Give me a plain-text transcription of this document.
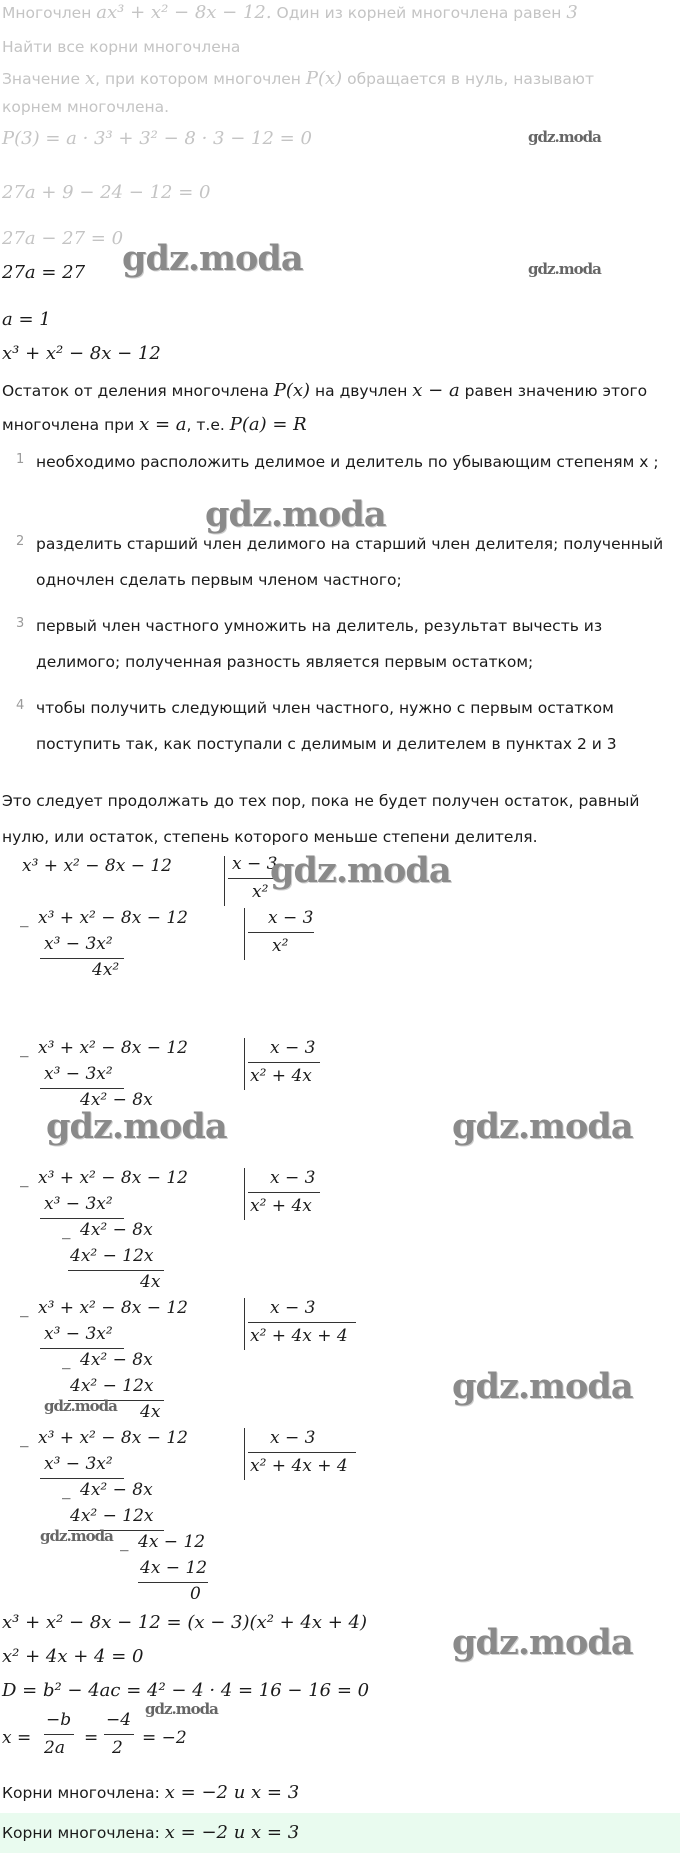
Многочлен ax³ + x² − 8x − 12. Один из корней многочлена равен 3
Найти все корни многочлена
Значение x, при котором многочлен P(x) обращается в нуль, называют
корнем многочлена.
gdz.moda
P(3) = a · 3³ + 3² − 8 · 3 − 12 = 0
27a + 9 − 24 − 12 = 0
27a − 27 = 0
27a = 27 gdz.moda	gdz.moda
a = 1
x³ + x² − 8x − 12
Остаток от деления многочлена P(x) на двучлен x − a равен значению этого
многочлена при x = a, т.е. P(a) = R
1 необходимо расположить делимое и делитель по убывающим степеням x ;
gdz.moda
2 разделить старший член делимого на старший член делителя; полученный одночлен сделать первым членом частного;
3 первый член частного умножить на делитель, результат вычесть из делимого; полученная разность является первым остатком;
4 чтобы получить следующий член частного, нужно с первым остатком поступить так, как поступали с делимым и делителем в пунктах 2 и 3
Это следует продолжать до тех пор, пока не будет получен остаток, равный
нулю, или остаток, степень которого меньше степени делителя.
x³ + x² − 8x − 12	x − 3
x²
gdz.moda
_ x³ + x² − 8x − 12	x − 3
x²
x³ − 3x²
4x²
_ x³ + x² − 8x − 12	x − 3
x² + 4x
x³ − 3x²
4x² − 8x
gdz.moda	gdz.moda
_ x³ + x² − 8x − 12	x − 3
x² + 4x
x³ − 3x²
_ 4x² − 8x
4x² − 12x
4x
_ x³ + x² − 8x − 12	x − 3
x² + 4x + 4
x³ − 3x²
_ 4x² − 8x
4x² − 12x
4x
gdz.moda	gdz.moda
_ x³ + x² − 8x − 12	x − 3
x² + 4x + 4
x³ − 3x²
_ 4x² − 8x
4x² − 12x
_ 4x − 12
gdz.moda
4x − 12
0
x³ + x² − 8x − 12 = (x − 3)(x² + 4x + 4) gdz.moda
x² + 4x + 4 = 0
D = b² − 4ac = 4² − 4 · 4 = 16 − 16 = 0
gdz.moda
x =
−b
2a =
−4
2 = −2
Корни многочлена: x = −2 и x = 3
Корни многочлена: x = −2 и x = 3
